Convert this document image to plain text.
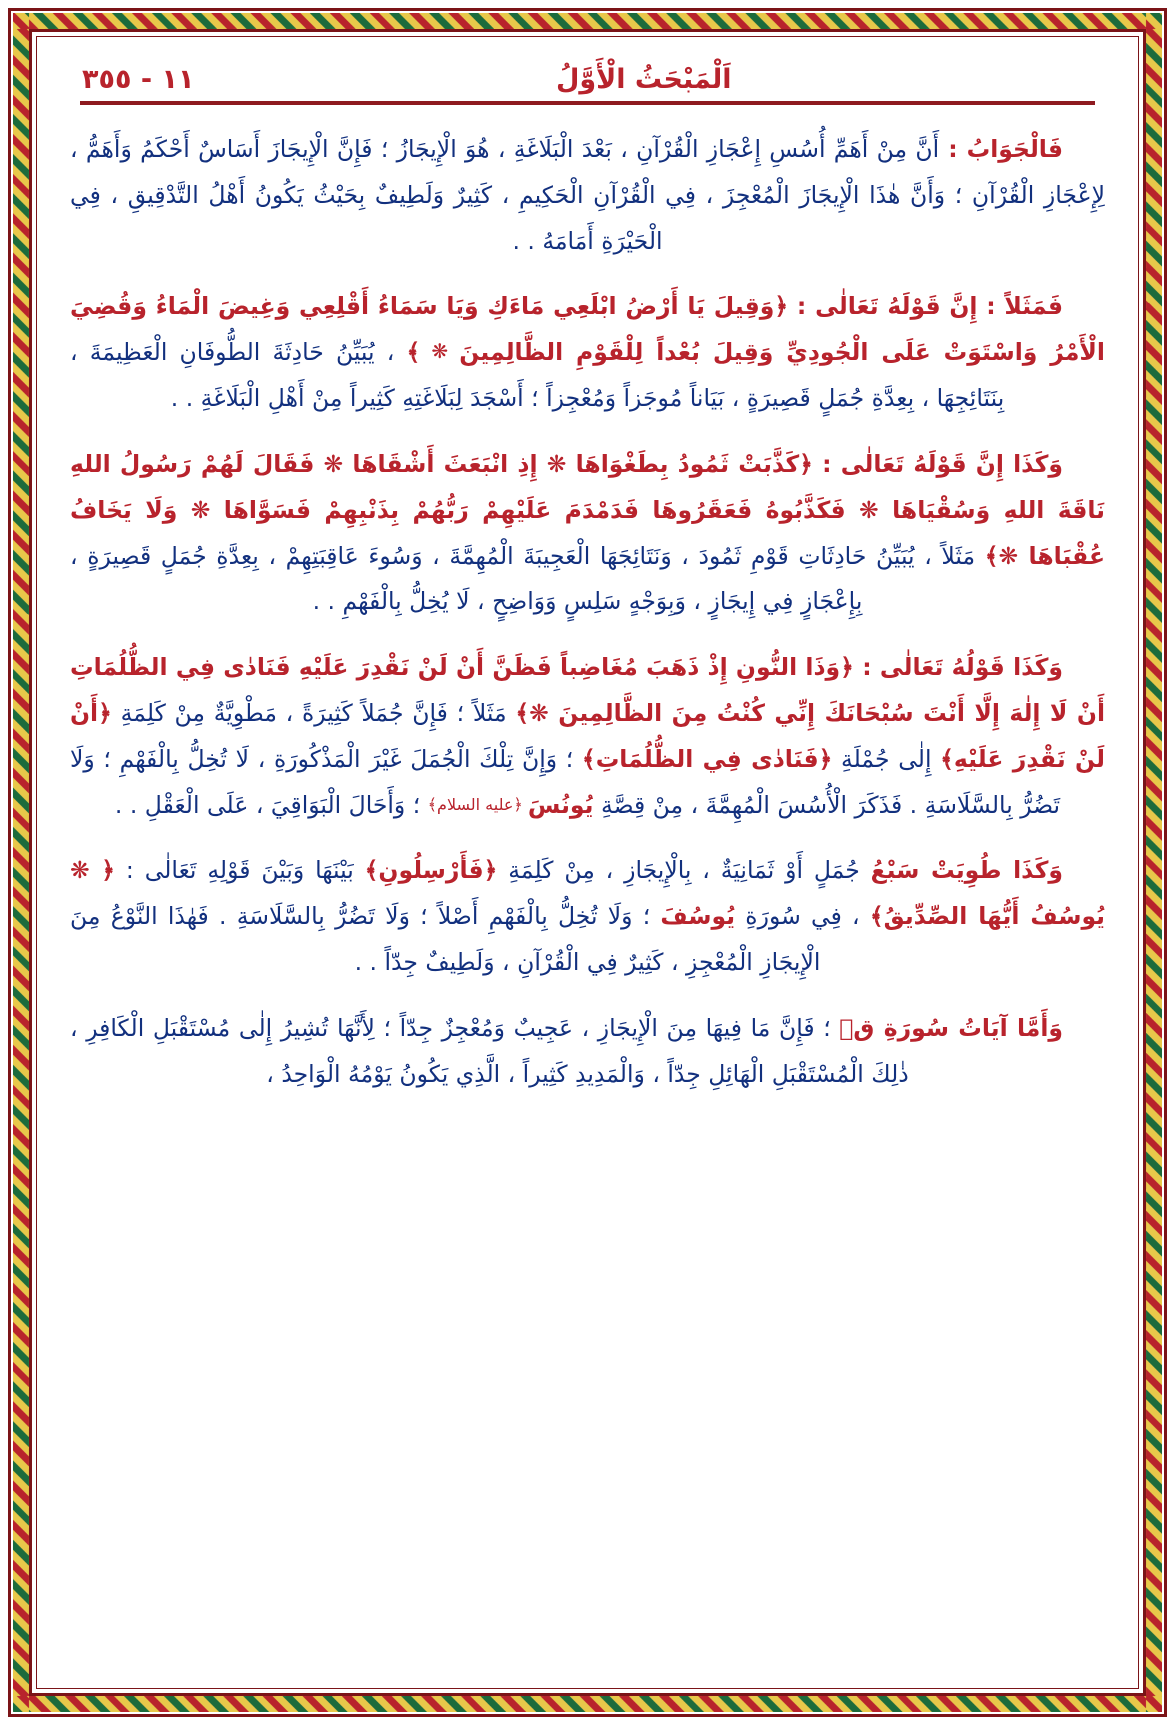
١١ - ٣٥٥	اَلْمَبْحَثُ الْأَوَّلُ

فَالْجَوَابُ : أَنَّ مِنْ أَهَمِّ أُسُسِ إِعْجَازِ الْقُرْآنِ ، بَعْدَ الْبَلَاغَةِ ، هُوَ الْإِيجَازُ ؛ فَإِنَّ الْإِيجَازَ أَسَاسٌ أَحْكَمُ وَأَهَمُّ ، لِإِعْجَازِ الْقُرْآنِ ؛ وَأَنَّ هٰذَا الْإِيجَازَ الْمُعْجِزَ ، فِي الْقُرْآنِ الْحَكِيمِ ، كَثِيرٌ وَلَطِيفٌ بِحَيْثُ يَكُونُ أَهْلُ التَّدْقِيقِ ، فِي الْحَيْرَةِ أَمَامَهُ . .

فَمَثَلاً : إِنَّ قَوْلَهُ تَعَالٰى : ﴿وَقِيلَ يَا أَرْضُ ابْلَعِي مَاءَكِ وَيَا سَمَاءُ أَقْلِعِي وَغِيضَ الْمَاءُ وَقُضِيَ الْأَمْرُ وَاسْتَوَتْ عَلَى الْجُودِيِّ وَقِيلَ بُعْداً لِلْقَوْمِ الظَّالِمِينَ ❋ ﴾ ، يُبَيِّنُ حَادِثَةَ الطُّوفَانِ الْعَظِيمَةَ ، بِنَتَائِجِهَا ، بِعِدَّةِ جُمَلٍ قَصِيرَةٍ ، بَيَاناً مُوجَزاً وَمُعْجِزاً ؛ أَسْجَدَ لِبَلَاغَتِهِ كَثِيراً مِنْ أَهْلِ الْبَلَاغَةِ . .

وَكَذَا إِنَّ قَوْلَهُ تَعَالٰى : ﴿كَذَّبَتْ ثَمُودُ بِطَغْوَاهَا ❋ إِذِ انْبَعَثَ أَشْقَاهَا ❋ فَقَالَ لَهُمْ رَسُولُ اللهِ نَاقَةَ اللهِ وَسُقْيَاهَا ❋ فَكَذَّبُوهُ فَعَقَرُوهَا فَدَمْدَمَ عَلَيْهِمْ رَبُّهُمْ بِذَنْبِهِمْ فَسَوَّاهَا ❋ وَلَا يَخَافُ عُقْبَاهَا ❋﴾ مَثَلاً ، يُبَيِّنُ حَادِثَاتِ قَوْمِ ثَمُودَ ، وَنَتَائِجَهَا الْعَجِيبَةَ الْمُهِمَّةَ ، وَسُوءَ عَاقِبَتِهِمْ ، بِعِدَّةِ جُمَلٍ قَصِيرَةٍ ، بِإِعْجَازٍ فِي إِيجَازٍ ، وَبِوَجْهٍ سَلِسٍ وَوَاضِحٍ ، لَا يُخِلُّ بِالْفَهْمِ . .

وَكَذَا قَوْلُهُ تَعَالٰى : ﴿وَذَا النُّونِ إِذْ ذَهَبَ مُغَاضِباً فَظَنَّ أَنْ لَنْ نَقْدِرَ عَلَيْهِ فَنَادٰى فِي الظُّلُمَاتِ أَنْ لَا إِلٰهَ إِلَّا أَنْتَ سُبْحَانَكَ إِنِّي كُنْتُ مِنَ الظَّالِمِينَ ❋﴾ مَثَلاً ؛ فَإِنَّ جُمَلاً كَثِيرَةً ، مَطْوِيَّةٌ مِنْ كَلِمَةِ ﴿أَنْ لَنْ نَقْدِرَ عَلَيْهِ﴾ إِلٰى جُمْلَةِ ﴿فَنَادٰى فِي الظُّلُمَاتِ﴾ ؛ وَإِنَّ تِلْكَ الْجُمَلَ غَيْرَ الْمَذْكُورَةِ ، لَا تُخِلُّ بِالْفَهْمِ ؛ وَلَا تَضُرُّ بِالسَّلَاسَةِ . فَذَكَرَ الْأُسُسَ الْمُهِمَّةَ ، مِنْ قِصَّةِ يُونُسَ ﴿عليه السلام﴾ ؛ وَأَحَالَ الْبَوَاقِيَ ، عَلَى الْعَقْلِ . .

وَكَذَا طُوِيَتْ سَبْعُ جُمَلٍ أَوْ ثَمَانِيَةٌ ، بِالْإِيجَازِ ، مِنْ كَلِمَةِ ﴿فَأَرْسِلُونِ﴾ بَيْنَهَا وَبَيْنَ قَوْلِهِ تَعَالٰى : ﴿ ❋ يُوسُفُ أَيُّهَا الصِّدِّيقُ﴾ ، فِي سُورَةِ يُوسُفَ ؛ وَلَا تُخِلُّ بِالْفَهْمِ أَصْلاً ؛ وَلَا تَضُرُّ بِالسَّلَاسَةِ . فَهٰذَا النَّوْعُ مِنَ الْإِيجَازِ الْمُعْجِزِ ، كَثِيرٌ فِي الْقُرْآنِ ، وَلَطِيفٌ جِدّاً . .

وَأَمَّا آيَاتُ سُورَةِ قۤ ؛ فَإِنَّ مَا فِيهَا مِنَ الْإِيجَازِ ، عَجِيبٌ وَمُعْجِزٌ جِدّاً ؛ لِأَنَّهَا تُشِيرُ إِلٰى مُسْتَقْبَلِ الْكَافِرِ ، ذٰلِكَ الْمُسْتَقْبَلِ الْهَائِلِ جِدّاً ، وَالْمَدِيدِ كَثِيراً ، الَّذِي يَكُونُ يَوْمُهُ الْوَاحِدُ ،
